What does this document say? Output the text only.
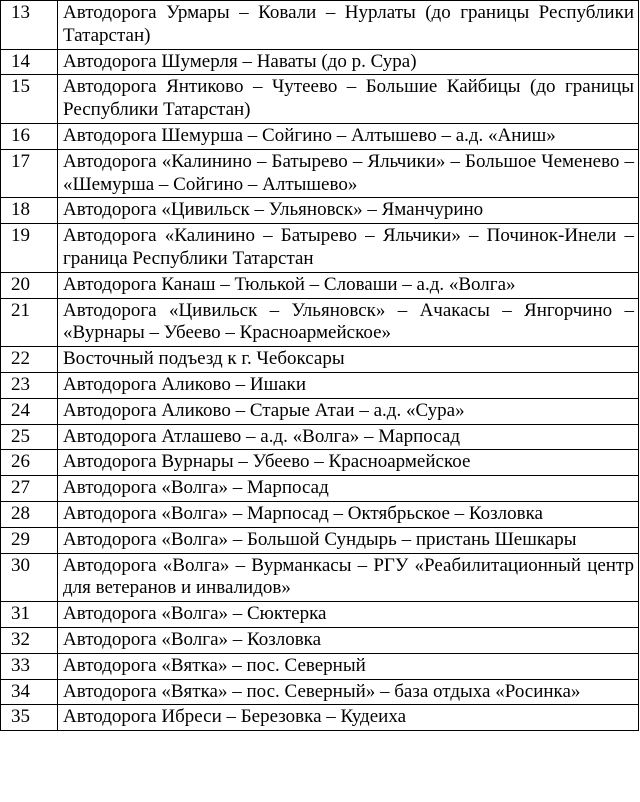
13	Автодорога Урмары – Ковали – Нурлаты (до границы Республики Татарстан)
14	Автодорога Шумерля – Наваты (до р. Сура)
15	Автодорога Янтиково – Чутеево – Большие Кайбицы (до границы Республики Татарстан)
16	Автодорога Шемурша – Сойгино – Алтышево – а.д. «Аниш»
17	Автодорога «Калинино – Батырево – Яльчики» – Большое Чеменево – «Шемурша – Сойгино – Алтышево»
18	Автодорога «Цивильск – Ульяновск» – Яманчурино
19	Автодорога «Калинино – Батырево – Яльчики» – Починок-Инели – граница Республики Татарстан
20	Автодорога Канаш – Тюлькой – Словаши – а.д. «Волга»
21	Автодорога «Цивильск – Ульяновск» – Ачакасы – Янгорчино – «Вурнары – Убеево – Красноармейское»
22	Восточный подъезд к г. Чебоксары
23	Автодорога Аликово – Ишаки
24	Автодорога Аликово – Старые Атаи – а.д. «Сура»
25	Автодорога Атлашево – а.д. «Волга» – Марпосад
26	Автодорога Вурнары – Убеево – Красноармейское
27	Автодорога «Волга» – Марпосад
28	Автодорога «Волга» – Марпосад – Октябрьское – Козловка
29	Автодорога «Волга» – Большой Сундырь – пристань Шешкары
30	Автодорога «Волга» – Вурманкасы – РГУ «Реабилитационный центр для ветеранов и инвалидов»
31	Автодорога «Волга» – Сюктерка
32	Автодорога «Волга» – Козловка
33	Автодорога «Вятка» – пос. Северный
34	Автодорога «Вятка» – пос. Северный» – база отдыха «Росинка»
35	Автодорога Ибреси – Березовка – Кудеиха
